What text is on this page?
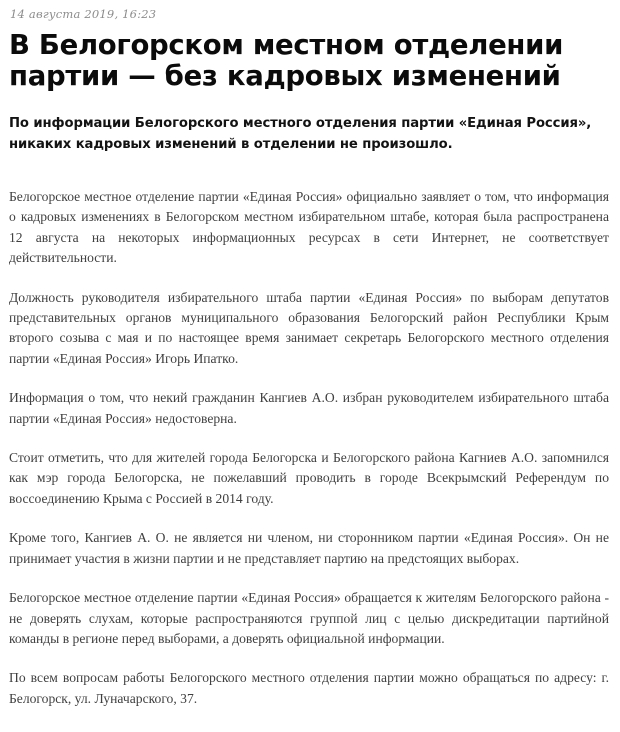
14 августа 2019, 16:23
В Белогорском местном отделении партии — без кадровых изменений

По информации Белогорского местного отделения партии «Единая Россия», никаких кадровых изменений в отделении не произошло.

Белогорское местное отделение партии «Единая Россия» официально заявляет о том, что информация о кадровых изменениях в Белогорском местном избирательном штабе, которая была распространена 12 августа на некоторых информационных ресурсах в сети Интернет, не соответствует действительности.

Должность руководителя избирательного штаба партии «Единая Россия» по выборам депутатов представительных органов муниципального образования Белогорский район Республики Крым второго созыва с мая и по настоящее время занимает секретарь Белогорского местного отделения партии «Единая Россия» Игорь Ипатко.

Информация о том, что некий гражданин Кангиев А.О. избран руководителем избирательного штаба партии «Единая Россия» недостоверна.

Стоит отметить, что для жителей города Белогорска и Белогорского района Кагниев А.О. запомнился как мэр города Белогорска, не пожелавший проводить в городе Всекрымский Референдум по воссоединению Крыма с Россией в 2014 году.

Кроме того, Кангиев А. О. не является ни членом, ни сторонником партии «Единая Россия». Он не принимает участия в жизни партии и не представляет партию на предстоящих выборах.

Белогорское местное отделение партии «Единая Россия» обращается к жителям Белогорского района - не доверять слухам, которые распространяются группой лиц с целью дискредитации партийной команды в регионе перед выборами, а доверять официальной информации.

По всем вопросам работы Белогорского местного отделения партии можно обращаться по адресу: г. Белогорск, ул. Луначарского, 37.
